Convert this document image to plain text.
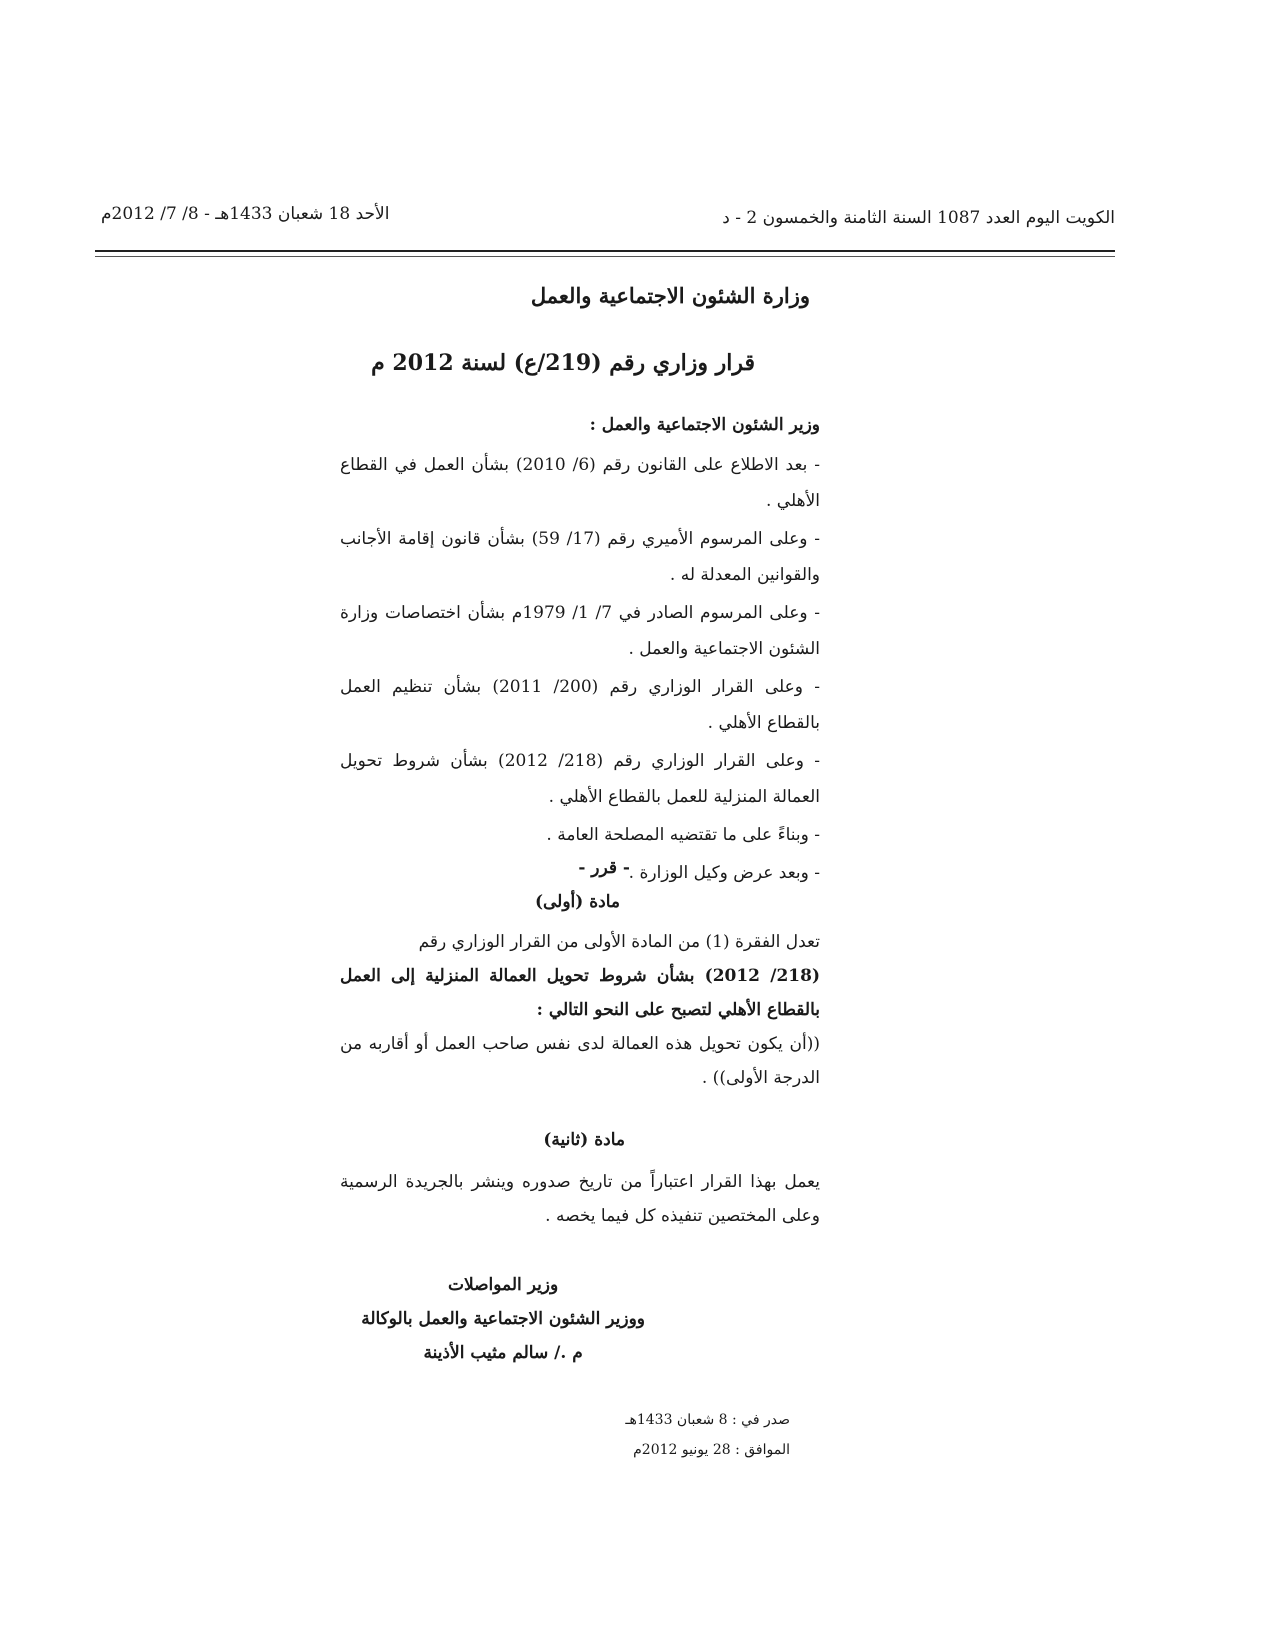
الكويت اليوم العدد 1087 السنة الثامنة والخمسون 2 - د
الأحد 18 شعبان 1433هـ - 8/ 7/ 2012م
وزارة الشئون الاجتماعية والعمل
قرار وزاري رقم (219/ع) لسنة 2012 م
وزير الشئون الاجتماعية والعمل :

- بعد الاطلاع على القانون رقم (6/ 2010) بشأن العمل في القطاع الأهلي .

- وعلى المرسوم الأميري رقم (17/ 59) بشأن قانون إقامة الأجانب والقوانين المعدلة له .

- وعلى المرسوم الصادر في 7/ 1/ 1979م بشأن اختصاصات وزارة الشئون الاجتماعية والعمل .

- وعلى القرار الوزاري رقم (200/ 2011) بشأن تنظيم العمل بالقطاع الأهلي .

- وعلى القرار الوزاري رقم (218/ 2012) بشأن شروط تحويل العمالة المنزلية للعمل بالقطاع الأهلي .

- وبناءً على ما تقتضيه المصلحة العامة .

- وبعد عرض وكيل الوزارة .

- قرر -
مادة (أولى)

تعدل الفقرة (1) من المادة الأولى من القرار الوزاري رقم

(218/ 2012) بشأن شروط تحويل العمالة المنزلية إلى العمل بالقطاع الأهلي لتصبح على النحو التالي :

((أن يكون تحويل هذه العمالة لدى نفس صاحب العمل أو أقاربه من الدرجة الأولى)) .

مادة (ثانية)

يعمل بهذا القرار اعتباراً من تاريخ صدوره وينشر بالجريدة الرسمية وعلى المختصين تنفيذه كل فيما يخصه .

وزير المواصلات
ووزير الشئون الاجتماعية والعمل بالوكالة
م ./ سالم مثيب الأذينة
صدر في : 8 شعبان 1433هـ
الموافق : 28 يونيو 2012م
